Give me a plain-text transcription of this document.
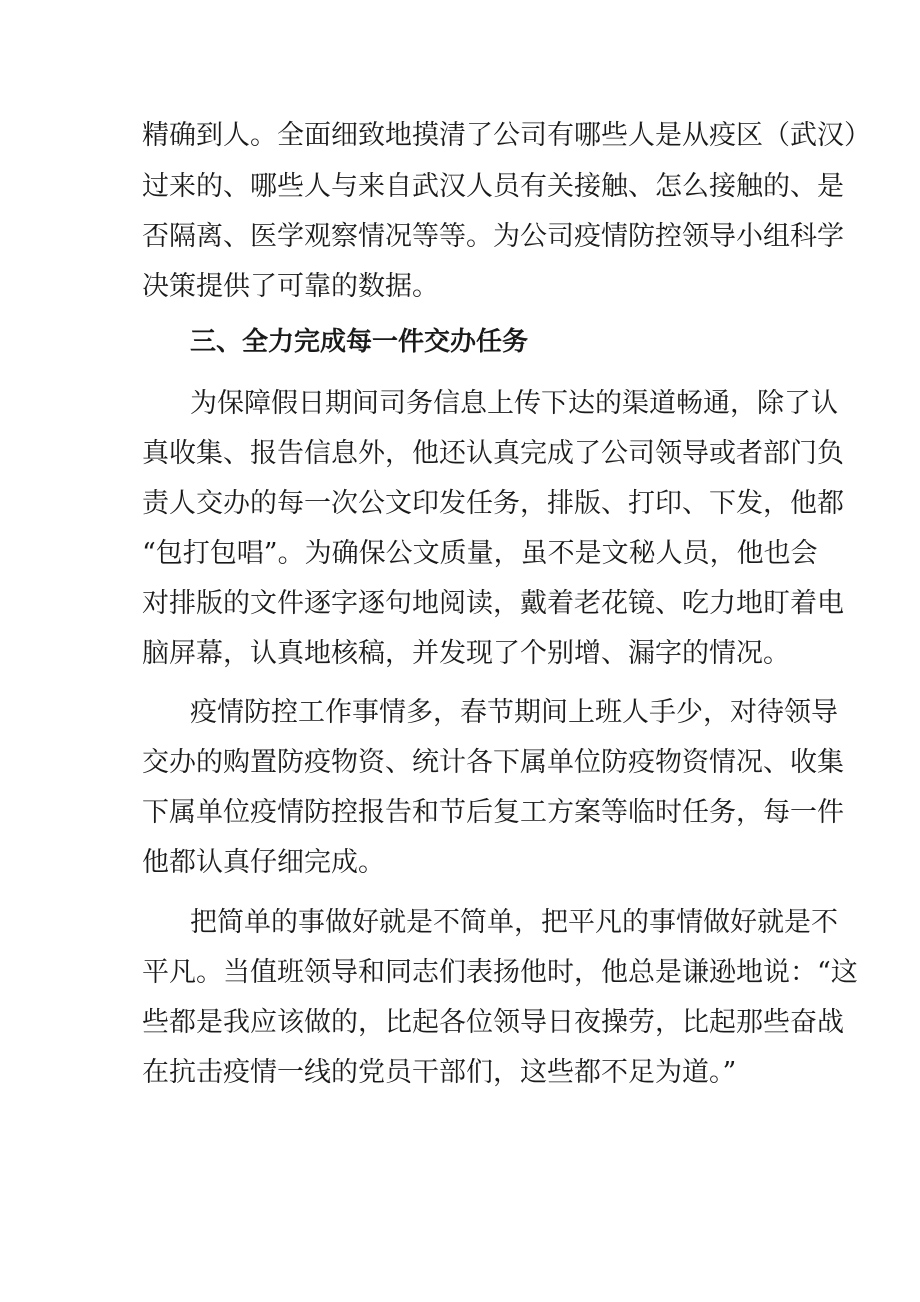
精确到人。全面细致地摸清了公司有哪些人是从疫区（武汉）
过来的、哪些人与来自武汉人员有关接触、怎么接触的、是
否隔离、医学观察情况等等。为公司疫情防控领导小组科学
决策提供了可靠的数据。
三、全力完成每一件交办任务
为保障假日期间司务信息上传下达的渠道畅通，除了认
真收集、报告信息外，他还认真完成了公司领导或者部门负
责人交办的每一次公文印发任务，排版、打印、下发，他都
“包打包唱”。为确保公文质量，虽不是文秘人员，他也会
对排版的文件逐字逐句地阅读，戴着老花镜、吃力地盯着电
脑屏幕，认真地核稿，并发现了个别增、漏字的情况。
疫情防控工作事情多，春节期间上班人手少，对待领导
交办的购置防疫物资、统计各下属单位防疫物资情况、收集
下属单位疫情防控报告和节后复工方案等临时任务，每一件
他都认真仔细完成。
把简单的事做好就是不简单，把平凡的事情做好就是不
平凡。当值班领导和同志们表扬他时，他总是谦逊地说：“这
些都是我应该做的，比起各位领导日夜操劳，比起那些奋战
在抗击疫情一线的党员干部们，这些都不足为道。”
